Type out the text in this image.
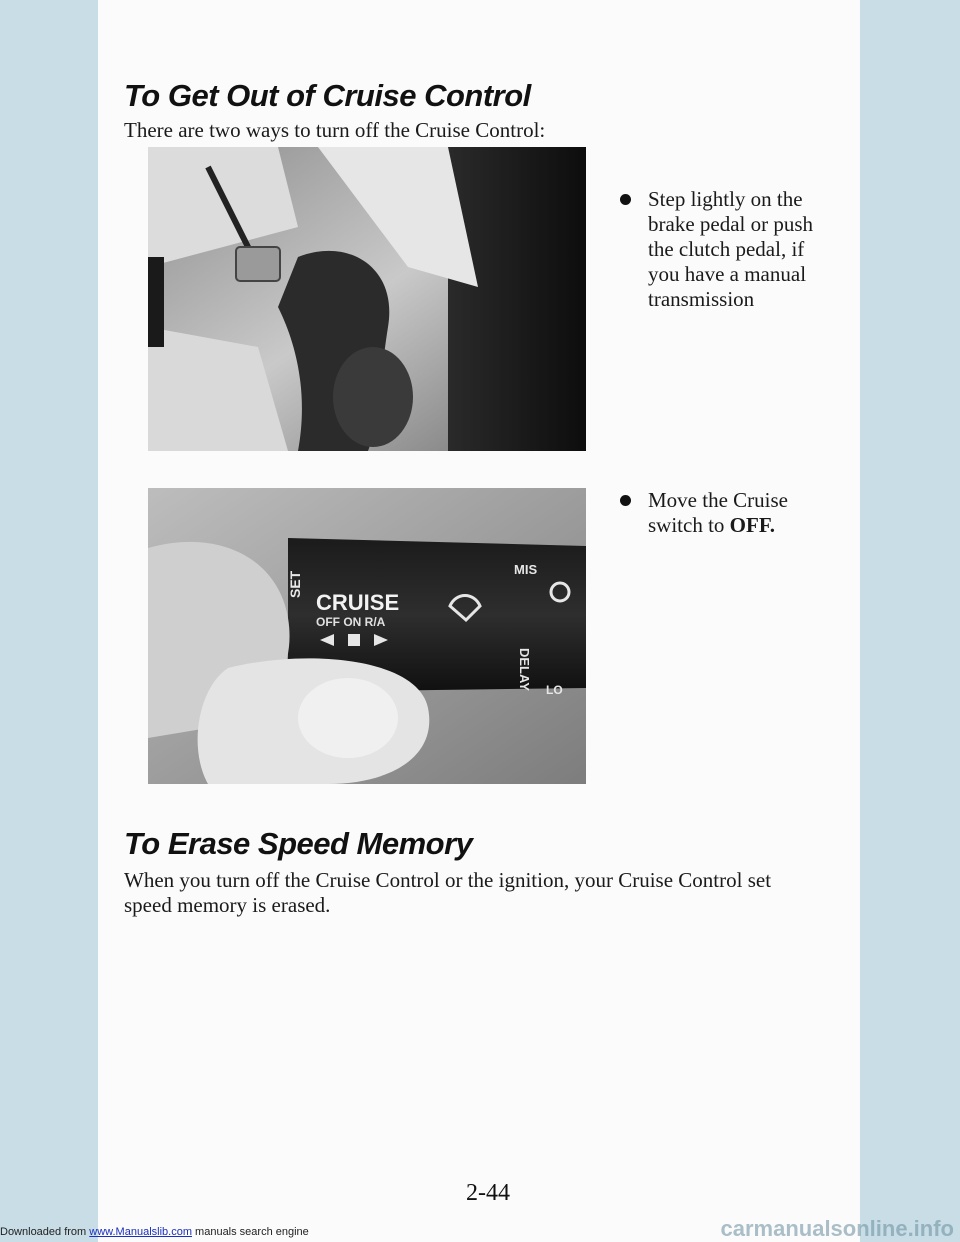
To Get Out of Cruise Control

There are two ways to turn off the Cruise Control:

Step lightly on the brake pedal or push the clutch pedal, if you have a manual transmission
SET
CRUISE
OFF ON R/A
MIS
DELAY LO
Move the Cruise switch to OFF.
To Erase Speed Memory

When you turn off the Cruise Control or the ignition, your Cruise Control set speed memory is erased.

2-44
Downloaded from www.Manualslib.com manuals search engine	carmanualsonline.info
